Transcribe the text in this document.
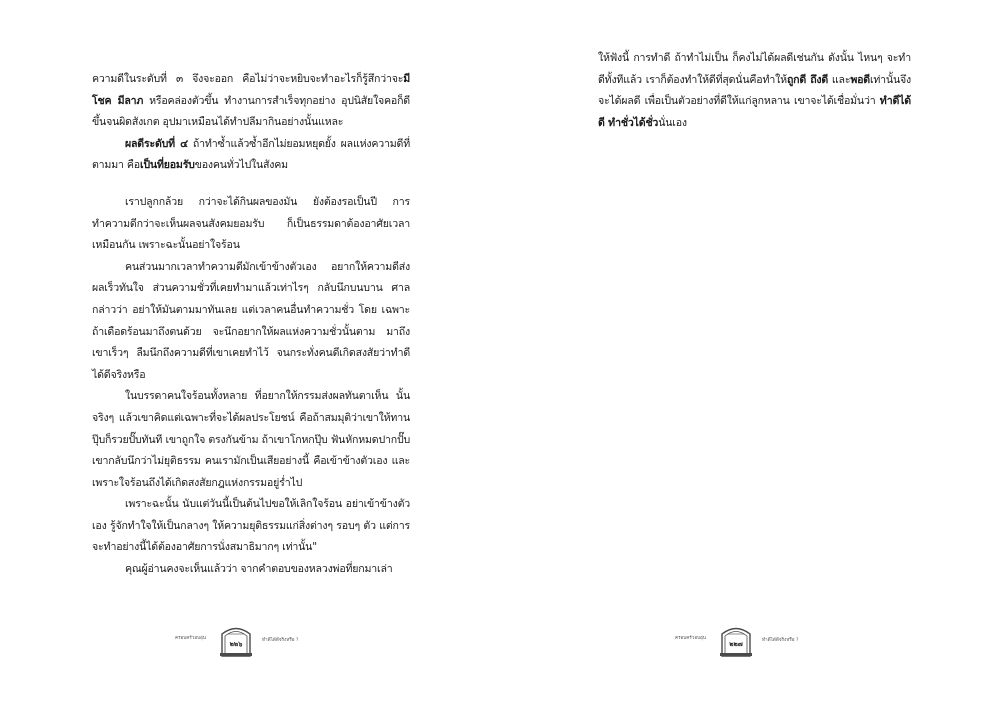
ความดีในระดับที่ ๓ จึงจะออก คือไม่ว่าจะหยิบจะทำอะไรก็รู้สึกว่าจะมีโชค มีลาภ หรือคล่องตัวขึ้น ทำงานการสำเร็จทุกอย่าง อุปนิสัยใจคอก็ดีขึ้นจนผิดสังเกต อุปมาเหมือนได้ทำปลีมากินอย่างนั้นแหละ

ผลดีระดับที่ ๔ ถ้าทำซ้ำแล้วซ้ำอีกไม่ยอมหยุดยั้ง ผลแห่งความดีที่ตามมา คือเป็นที่ยอมรับของคนทั่วไปในสังคม

เราปลูกกล้วย กว่าจะได้กินผลของมัน ยังต้องรอเป็นปี การทำความดีกว่าจะเห็นผลจนสังคมยอมรับ ก็เป็นธรรมดาต้องอาศัยเวลาเหมือนกัน เพราะฉะนั้นอย่าใจร้อน

คนส่วนมากเวลาทำความดีมักเข้าข้างตัวเอง อยากให้ความดีส่งผลเร็วทันใจ ส่วนความชั่วที่เคยทำมาแล้วเท่าไรๆ กลับนึกบนบาน ศาลกล่าวว่า อย่าให้มันตามมาทันเลย แต่เวลาคนอื่นทำความชั่ว โดย เฉพาะถ้าเดือดร้อนมาถึงตนด้วย จะนึกอยากให้ผลแห่งความชั่วนั้นตาม มาถึงเขาเร็วๆ ลืมนึกถึงความดีที่เขาเคยทำไว้ จนกระทั่งคนดีเกิดสงสัยว่าทำดีได้ดีจริงหรือ

ในบรรดาคนใจร้อนทั้งหลาย ที่อยากให้กรรมส่งผลทันตาเห็น นั้นจริงๆ แล้วเขาคิดแต่เฉพาะที่จะได้ผลประโยชน์ คือถ้าสมมุติว่าเขาให้ทานปุ๊บก็รวยปั๊บทันที เขาถูกใจ ตรงกันข้าม ถ้าเขาโกหกปุ๊บ ฟันหักหมดปากปั๊บ เขากลับนึกว่าไม่ยุติธรรม คนเรามักเป็นเสียอย่างนี้ คือเข้าข้างตัวเอง และเพราะใจร้อนถึงได้เกิดสงสัยกฎแห่งกรรมอยู่ร่ำไป

เพราะฉะนั้น นับแต่วันนี้เป็นต้นไปขอให้เลิกใจร้อน อย่าเข้าข้างตัวเอง รู้จักทำใจให้เป็นกลางๆ ให้ความยุติธรรมแก่สิ่งต่างๆ รอบๆ ตัว แต่การจะทำอย่างนี้ได้ต้องอาศัยการนั่งสมาธิมากๆ เท่านั้น"

คุณผู้อ่านคงจะเห็นแล้วว่า จากคำตอบของหลวงพ่อที่ยกมาเล่า

ครอบครัวอบอุ่น
๒๒๖	ทำดีได้ดีจริงหรือ ?

ให้ฟังนี้ การทำดี ถ้าทำไม่เป็น ก็คงไม่ได้ผลดีเช่นกัน ดังนั้น ไหนๆ จะทำดีทั้งทีแล้ว เราก็ต้องทำให้ดีที่สุดนั่นคือทำให้ถูกดี ถึงดี และพอดีเท่านั้นจึงจะได้ผลดี เพื่อเป็นตัวอย่างที่ดีให้แก่ลูกหลาน เขาจะได้เชื่อมั่นว่า ทำดีได้ดี ทำชั่วได้ชั่วนั่นเอง

ครอบครัวอบอุ่น
๒๒๗	ทำดีได้ดีจริงหรือ ?
